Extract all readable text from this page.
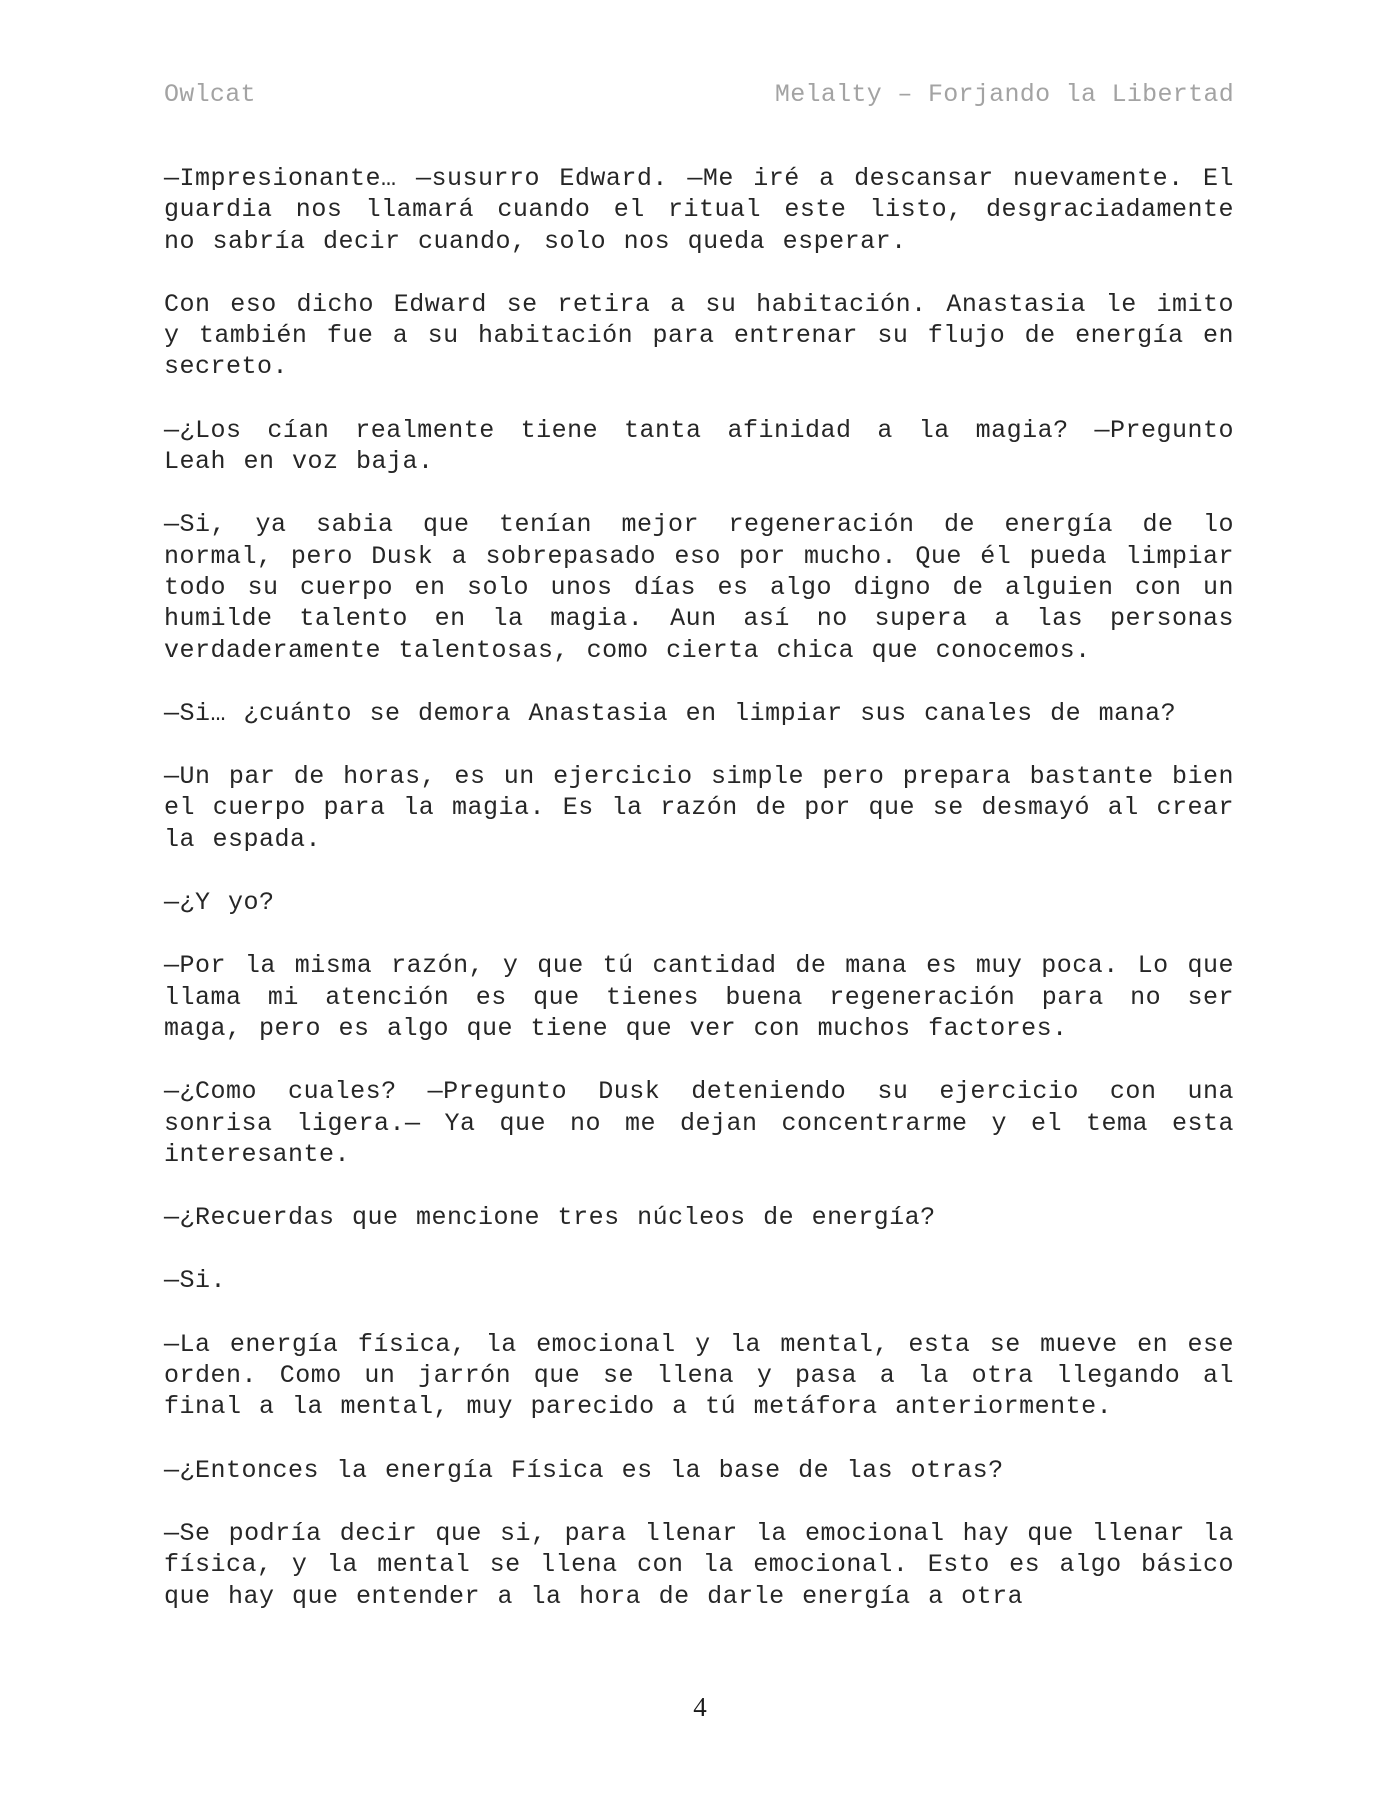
Owlcat	Melalty – Forjando la Libertad

—Impresionante… —susurro Edward. —Me iré a descansar nuevamente. El guardia nos llamará cuando el ritual este listo, desgraciadamente no sabría decir cuando, solo nos queda esperar.

Con eso dicho Edward se retira a su habitación. Anastasia le imito y también fue a su habitación para entrenar su flujo de energía en secreto.

—¿Los cían realmente tiene tanta afinidad a la magia? —Pregunto Leah en voz baja.

—Si, ya sabia que tenían mejor regeneración de energía de lo normal, pero Dusk a sobrepasado eso por mucho. Que él pueda limpiar todo su cuerpo en solo unos días es algo digno de alguien con un humilde talento en la magia. Aun así no supera a las personas verdaderamente talentosas, como cierta chica que conocemos.

—Si… ¿cuánto se demora Anastasia en limpiar sus canales de mana?

—Un par de horas, es un ejercicio simple pero prepara bastante bien el cuerpo para la magia. Es la razón de por que se desmayó al crear la espada.

—¿Y yo?

—Por la misma razón, y que tú cantidad de mana es muy poca. Lo que llama mi atención es que tienes buena regeneración para no ser maga, pero es algo que tiene que ver con muchos factores.

—¿Como cuales? —Pregunto Dusk deteniendo su ejercicio con una sonrisa ligera.— Ya que no me dejan concentrarme y el tema esta interesante.

—¿Recuerdas que mencione tres núcleos de energía?

—Si.

—La energía física, la emocional y la mental, esta se mueve en ese orden. Como un jarrón que se llena y pasa a la otra llegando al final a la mental, muy parecido a tú metáfora anteriormente.

—¿Entonces la energía Física es la base de las otras?

—Se podría decir que si, para llenar la emocional hay que llenar la física, y la mental se llena con la emocional. Esto es algo básico que hay que entender a la hora de darle energía a otra

4
